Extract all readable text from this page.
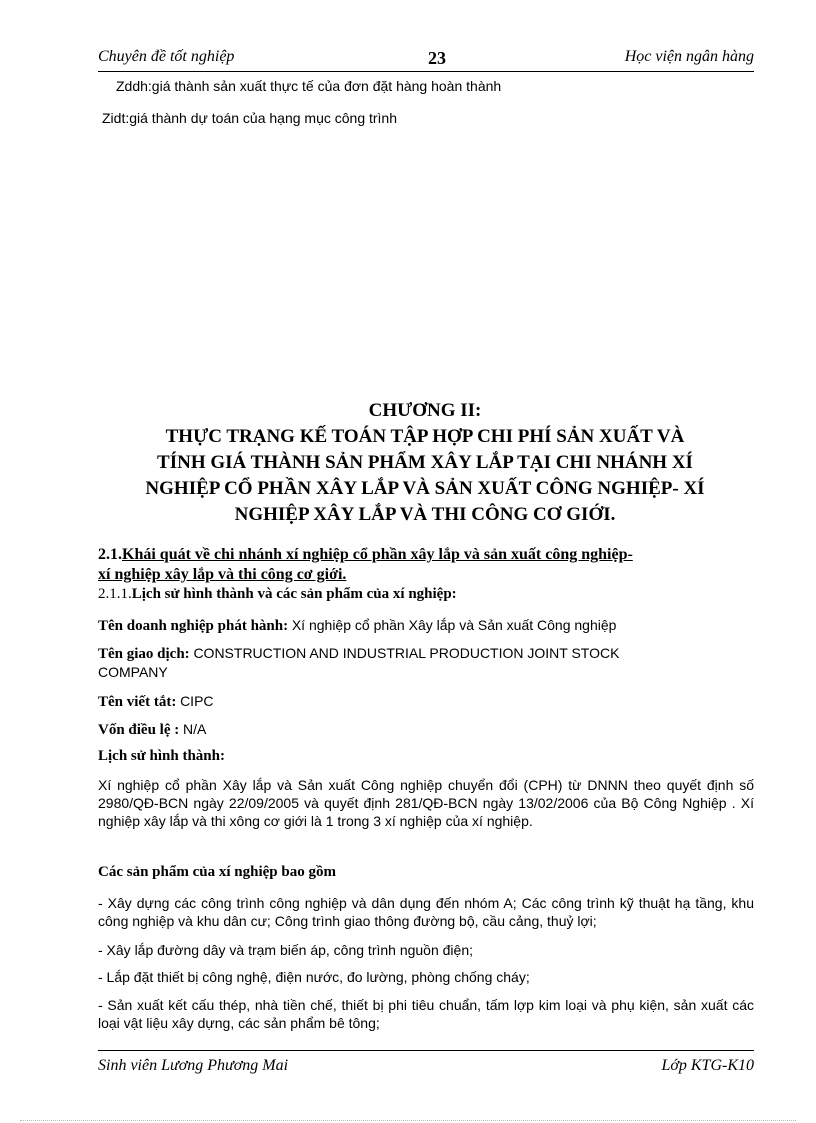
Chuyên đề tốt nghiệp	23	Học viện ngân hàng
Zddh:giá thành sản xuất thực tế của đơn đặt hàng hoàn thành
Zidt:giá thành dự toán của hạng mục công trình
CHƯƠNG II:
THỰC TRẠNG KẾ TOÁN TẬP HỢP CHI PHÍ SẢN XUẤT VÀ
TÍNH GIÁ THÀNH SẢN PHẨM XÂY LẮP TẠI CHI NHÁNH XÍ
NGHIỆP CỔ PHẦN XÂY LẮP VÀ SẢN XUẤT CÔNG NGHIỆP- XÍ
NGHIỆP XÂY LẮP VÀ THI CÔNG CƠ GIỚI.
2.1.Khái quát về chi nhánh xí nghiệp cổ phần xây lắp và sản xuất công nghiệp-
xí nghiệp xây lắp và thi công cơ giới.
2.1.1.Lịch sử hình thành và các sản phẩm của xí nghiệp:
Tên doanh nghiệp phát hành: Xí nghiệp cổ phần Xây lắp và Sản xuất Công nghiệp
Tên giao dịch: CONSTRUCTION AND INDUSTRIAL PRODUCTION JOINT STOCK
COMPANY
Tên viết tắt: CIPC
Vốn điều lệ : N/A
Lịch sử hình thành:
Xí nghiệp cổ phần Xây lắp và Sản xuất Công nghiệp chuyển đổi (CPH) từ DNNN theo quyết định số 2980/QĐ-BCN ngày 22/09/2005 và quyết định 281/QĐ-BCN ngày 13/02/2006 của Bộ Công Nghiệp . Xí nghiệp xây lắp và thi xông cơ giới là 1 trong 3 xí nghiệp của xí nghiệp.
Các sản phẩm của xí nghiệp bao gồm
- Xây dựng các công trình công nghiệp và dân dụng đến nhóm A; Các công trình kỹ thuật hạ tầng, khu công nghiệp và khu dân cư; Công trình giao thông đường bộ, cầu cảng, thuỷ lợi;
- Xây lắp đường dây và trạm biến áp, công trình nguồn điện;
- Lắp đặt thiết bị công nghệ, điện nước, đo lường, phòng chống cháy;
- Sản xuất kết cấu thép, nhà tiền chế, thiết bị phi tiêu chuẩn, tấm lợp kim loại và phụ kiện, sản xuất các loại vật liệu xây dựng, các sản phẩm bê tông;
Sinh viên Lương Phương Mai	Lớp KTG-K10
